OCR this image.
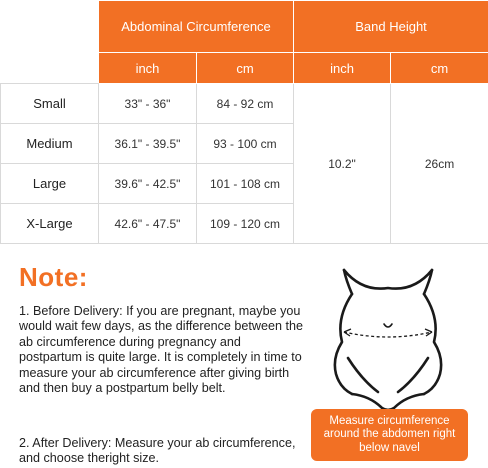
	Abdominal Circumference		Band Height	
	inch	cm	inch	cm
Small	33" - 36"	84 - 92 cm	10.2"	26cm
Medium	36.1" - 39.5"	93 - 100 cm		
Large	39.6" - 42.5"	101 - 108 cm		
X-Large	42.6" - 47.5"	109 - 120 cm		
Note:

1. Before Delivery: If you are pregnant, maybe you would wait few days, as the difference between the ab circumference during pregnancy and postpartum is quite large. It is completely in time to measure your ab circumference after giving birth and then buy a postpartum belly belt.

2. After Delivery: Measure your ab circumference, and choose theright size.

Measure circumference around the abdomen right below navel
